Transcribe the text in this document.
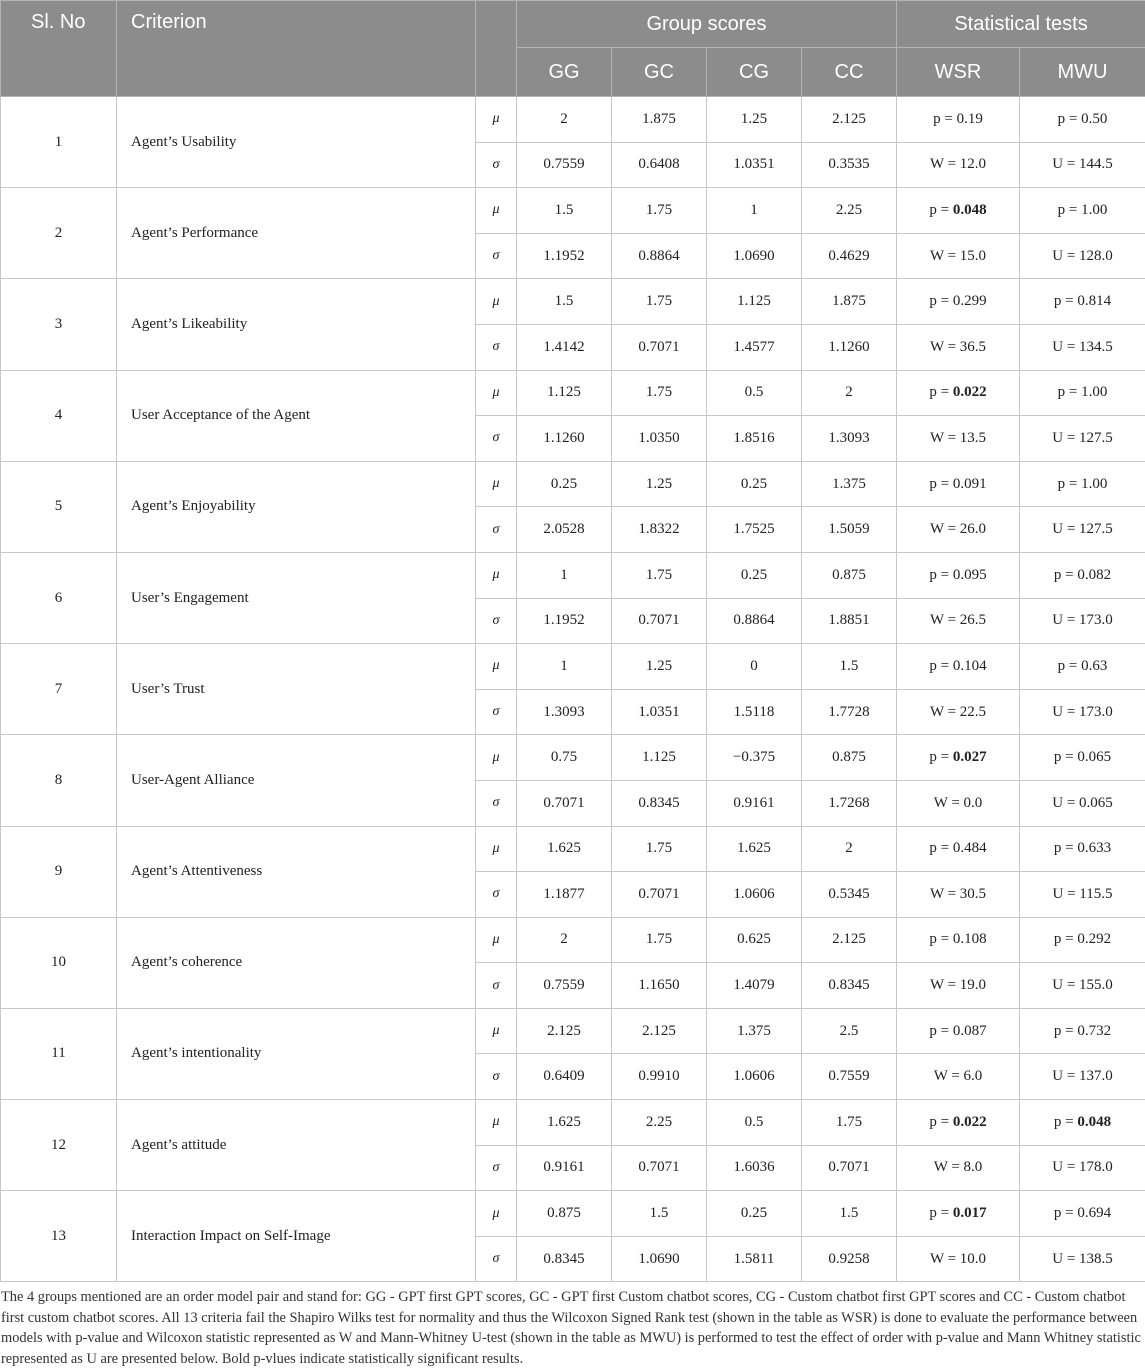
Sl. No	Criterion		Group scores				Statistical tests	
			GG	GC	CG	CC	WSR	MWU
1	Agent’s Usability	μ	2	1.875	1.25	2.125	p = 0.19	p = 0.50
		σ	0.7559	0.6408	1.0351	0.3535	W = 12.0	U = 144.5
2	Agent’s Performance	μ	1.5	1.75	1	2.25	p = 0.048	p = 1.00
		σ	1.1952	0.8864	1.0690	0.4629	W = 15.0	U = 128.0
3	Agent’s Likeability	μ	1.5	1.75	1.125	1.875	p = 0.299	p = 0.814
		σ	1.4142	0.7071	1.4577	1.1260	W = 36.5	U = 134.5
4	User Acceptance of the Agent	μ	1.125	1.75	0.5	2	p = 0.022	p = 1.00
		σ	1.1260	1.0350	1.8516	1.3093	W = 13.5	U = 127.5
5	Agent’s Enjoyability	μ	0.25	1.25	0.25	1.375	p = 0.091	p = 1.00
		σ	2.0528	1.8322	1.7525	1.5059	W = 26.0	U = 127.5
6	User’s Engagement	μ	1	1.75	0.25	0.875	p = 0.095	p = 0.082
		σ	1.1952	0.7071	0.8864	1.8851	W = 26.5	U = 173.0
7	User’s Trust	μ	1	1.25	0	1.5	p = 0.104	p = 0.63
		σ	1.3093	1.0351	1.5118	1.7728	W = 22.5	U = 173.0
8	User-Agent Alliance	μ	0.75	1.125	−0.375	0.875	p = 0.027	p = 0.065
		σ	0.7071	0.8345	0.9161	1.7268	W = 0.0	U = 0.065
9	Agent’s Attentiveness	μ	1.625	1.75	1.625	2	p = 0.484	p = 0.633
		σ	1.1877	0.7071	1.0606	0.5345	W = 30.5	U = 115.5
10	Agent’s coherence	μ	2	1.75	0.625	2.125	p = 0.108	p = 0.292
		σ	0.7559	1.1650	1.4079	0.8345	W = 19.0	U = 155.0
11	Agent’s intentionality	μ	2.125	2.125	1.375	2.5	p = 0.087	p = 0.732
		σ	0.6409	0.9910	1.0606	0.7559	W = 6.0	U = 137.0
12	Agent’s attitude	μ	1.625	2.25	0.5	1.75	p = 0.022	p = 0.048
		σ	0.9161	0.7071	1.6036	0.7071	W = 8.0	U = 178.0
13	Interaction Impact on Self-Image	μ	0.875	1.5	0.25	1.5	p = 0.017	p = 0.694
		σ	0.8345	1.0690	1.5811	0.9258	W = 10.0	U = 138.5
The 4 groups mentioned are an order model pair and stand for: GG - GPT first GPT scores, GC - GPT first Custom chatbot scores, CG - Custom chatbot first GPT scores and CC - Custom chatbot first custom chatbot scores. All 13 criteria fail the Shapiro Wilks test for normality and thus the Wilcoxon Signed Rank test (shown in the table as WSR) is done to evaluate the performance between models with p-value and Wilcoxon statistic represented as W and Mann-Whitney U-test (shown in the table as MWU) is performed to test the effect of order with p-value and Mann Whitney statistic represented as U are presented below. Bold p-vlues indicate statistically significant results.
